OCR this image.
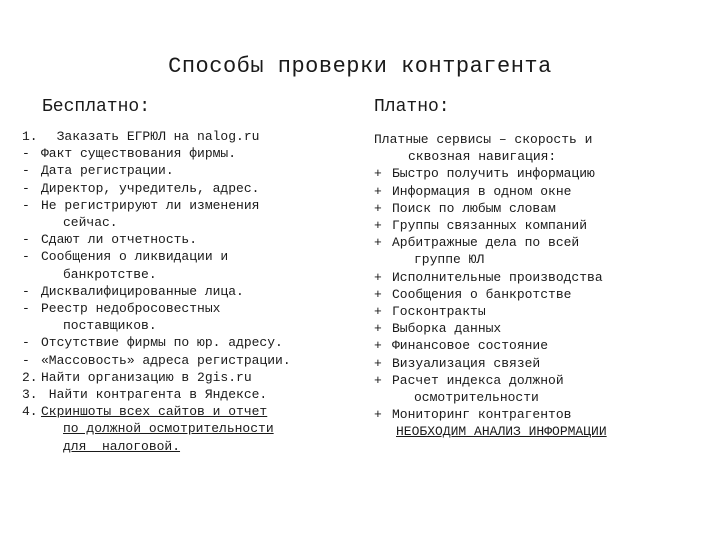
Способы проверки контрагента
Бесплатно:	Платно:
1. Заказать ЕГРЮЛ на nalog.ru
- Факт существования фирмы.
- Дата регистрации.
- Директор, учредитель, адрес.
- Не регистрируют ли изменения
сейчас.
- Сдают ли отчетность.
- Сообщения о ликвидации и
банкротстве.
- Дисквалифицированные лица.
- Реестр недобросовестных
поставщиков.
- Отсутствие фирмы по юр. адресу.
- «Массовость» адреса регистрации.
2. Найти организацию в 2gis.ru
3. Найти контрагента в Яндексе.
4. Скриншоты всех сайтов и отчет
по должной осмотрительности
для  налоговой.
Платные сервисы – скорость и
сквозная навигация:
+ Быстро получить информацию
+ Информация в одном окне
+ Поиск по любым словам
+ Группы связанных компаний
+ Арбитражные дела по всей
группе ЮЛ
+ Исполнительные производства
+ Сообщения о банкротстве
+ Госконтракты
+ Выборка данных
+ Финансовое состояние
+ Визуализация связей
+ Расчет индекса должной
осмотрительности
+ Мониторинг контрагентов
НЕОБХОДИМ АНАЛИЗ ИНФОРМАЦИИ
